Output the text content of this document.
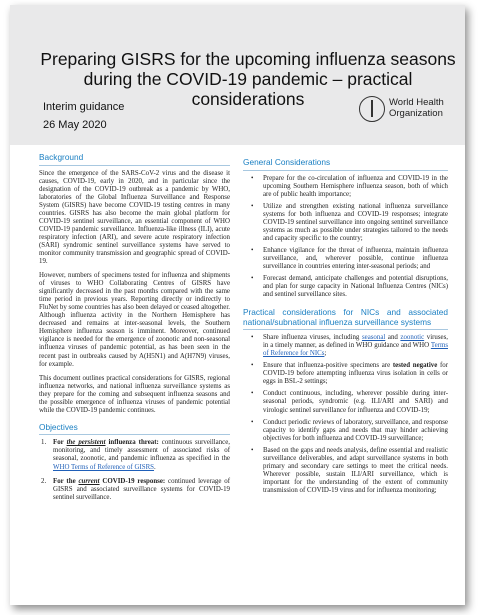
Preparing GISRS for the upcoming influenza seasons
during the COVID-19 pandemic – practical considerations
Interim guidance
26 May 2020
World Health
Organization
Background

Since the emergence of the SARS-CoV-2 virus and the disease it causes, COVID-19, early in 2020, and in particular since the designation of the COVID-19 outbreak as a pandemic by WHO, laboratories of the Global Influenza Surveillance and Response System (GISRS) have become COVID-19 testing centres in many countries. GISRS has also become the main global platform for COVID-19 sentinel surveillance, an essential component of WHO COVID-19 pandemic surveillance. Influenza-like illness (ILI), acute respiratory infection (ARI), and severe acute respiratory infection (SARI) syndromic sentinel surveillance systems have served to monitor community transmission and geographic spread of COVID-19.

However, numbers of specimens tested for influenza and shipments of viruses to WHO Collaborating Centres of GISRS have significantly decreased in the past months compared with the same time period in previous years. Reporting directly or indirectly to FluNet by some countries has also been delayed or ceased altogether. Although influenza activity in the Northern Hemisphere has decreased and remains at inter-seasonal levels, the Southern Hemisphere influenza season is imminent. Moreover, continued vigilance is needed for the emergence of zoonotic and non-seasonal influenza viruses of pandemic potential, as has been seen in the recent past in outbreaks caused by A(H5N1) and A(H7N9) viruses, for example.

This document outlines practical considerations for GISRS, regional influenza networks, and national influenza surveillance systems as they prepare for the coming and subsequent influenza seasons and the possible emergence of influenza viruses of pandemic potential while the COVID-19 pandemic continues.

Objectives
1. For the persistent influenza threat: continuous surveillance, monitoring, and timely assessment of associated risks of seasonal, zoonotic, and pandemic influenza as specified in the WHO Terms of Reference of GISRS.
2. For the current COVID-19 response: continued leverage of GISRS and associated surveillance systems for COVID-19 sentinel surveillance.
General Considerations
• Prepare for the co-circulation of influenza and COVID-19 in the upcoming Southern Hemisphere influenza season, both of which are of public health importance;
• Utilize and strengthen existing national influenza surveillance systems for both influenza and COVID-19 responses; integrate COVID-19 sentinel surveillance into ongoing sentinel surveillance systems as much as possible under strategies tailored to the needs and capacity specific to the country;
• Enhance vigilance for the threat of influenza, maintain influenza surveillance, and, wherever possible, continue influenza surveillance in countries entering inter-seasonal periods; and
• Forecast demand, anticipate challenges and potential disruptions, and plan for surge capacity in National Influenza Centres (NICs) and sentinel surveillance sites.
Practical considerations for NICs and associated national/subnational influenza surveillance systems
• Share influenza viruses, including seasonal and zoonotic viruses, in a timely manner, as defined in WHO guidance and WHO Terms of Reference for NICs;
• Ensure that influenza-positive specimens are tested negative for COVID-19 before attempting influenza virus isolation in cells or eggs in BSL-2 settings;
• Conduct continuous, including, wherever possible during inter-seasonal periods, syndromic (e.g. ILI/ARI and SARI) and virologic sentinel surveillance for influenza and COVID-19;
• Conduct periodic reviews of laboratory, surveillance, and response capacity to identify gaps and needs that may hinder achieving objectives for both influenza and COVID-19 surveillance;
• Based on the gaps and needs analysis, define essential and realistic surveillance deliverables, and adapt surveillance systems in both primary and secondary care settings to meet the critical needs. Wherever possible, sustain ILI/ARI surveillance, which is important for the understanding of the extent of community transmission of COVID-19 virus and for influenza monitoring;
